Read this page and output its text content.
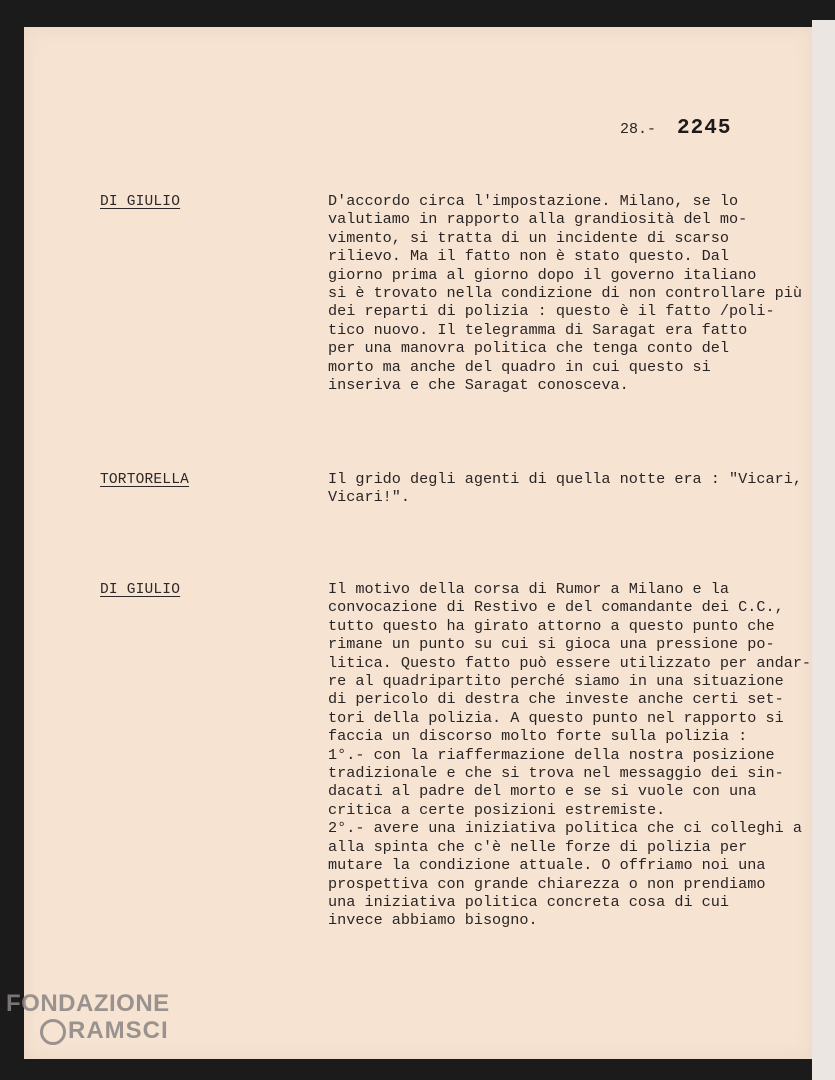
28.- 2245
DI GIULIO	D'accordo circa l'impostazione. Milano, se lo
valutiamo in rapporto alla grandiosità del mo-
vimento, si tratta di un incidente di scarso
rilievo. Ma il fatto non è stato questo. Dal
giorno prima al giorno dopo il governo italiano
si è trovato nella condizione di non controllare più
dei reparti di polizia : questo è il fatto /poli-
tico nuovo. Il telegramma di Saragat era fatto
per una manovra politica che tenga conto del
morto ma anche del quadro in cui questo si
inseriva e che Saragat conosceva.
TORTORELLA	Il grido degli agenti di quella notte era : "Vicari,
Vicari!".
DI GIULIO	Il motivo della corsa di Rumor a Milano e la
convocazione di Restivo e del comandante dei C.C.,
tutto questo ha girato attorno a questo punto che
rimane un punto su cui si gioca una pressione po-
litica. Questo fatto può essere utilizzato per andar-
re al quadripartito perché siamo in una situazione
di pericolo di destra che investe anche certi set-
tori della polizia. A questo punto nel rapporto si
faccia un discorso molto forte sulla polizia :
1°.- con la riaffermazione della nostra posizione
tradizionale e che si trova nel messaggio dei sin-
dacati al padre del morto e se si vuole con una
critica a certe posizioni estremiste.
2°.- avere una iniziativa politica che ci colleghi a
alla spinta che c'è nelle forze di polizia per
mutare la condizione attuale. O offriamo noi una
prospettiva con grande chiarezza o non prendiamo
una iniziativa politica concreta cosa di cui
invece abbiamo bisogno.
FONDAZIONE
RAMSCI
